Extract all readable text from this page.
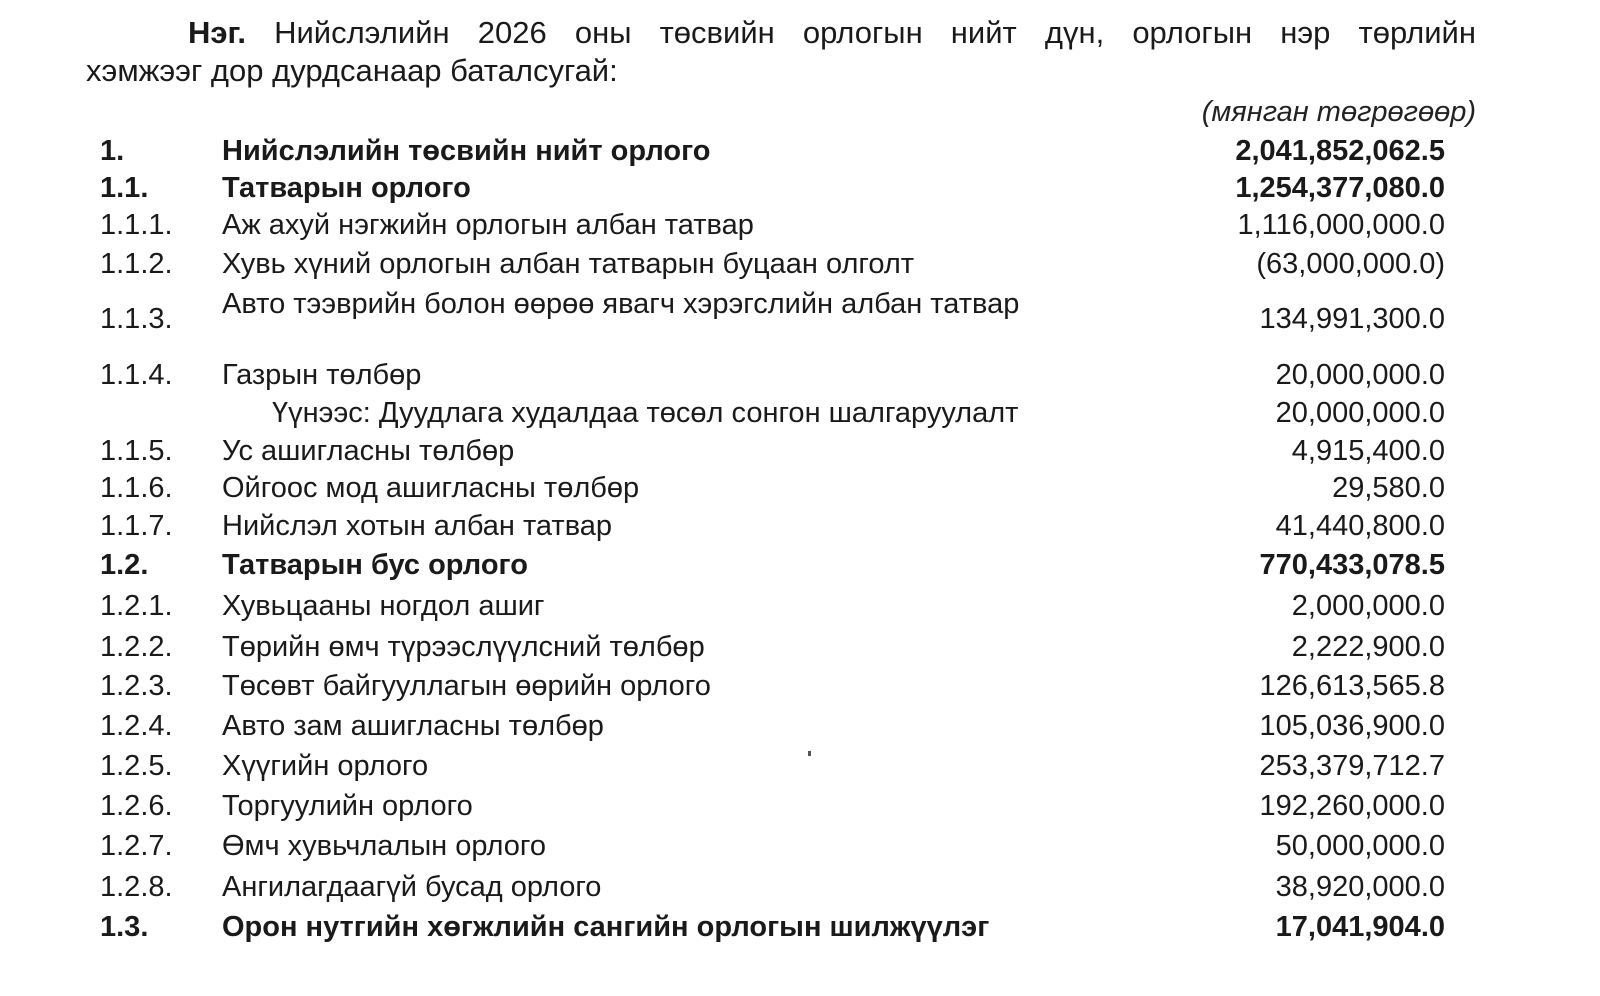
Нэг. Нийслэлийн 2026 оны төсвийн орлогын нийт дүн, орлогын нэр төрлийн
хэмжээг дор дурдсанаар баталсугай:
(мянган төгрөгөөр)
1.	Нийслэлийн төсвийн нийт орлого	2,041,852,062.5
1.1.	Татварын орлого	1,254,377,080.0
1.1.1. Аж ахуй нэгжийн орлогын албан татвар	1,116,000,000.0
1.1.2. Хувь хүний орлогын албан татварын буцаан олголт	(63,000,000.0)
1.1.3. Авто тээврийн болон өөрөө явагч хэрэгслийн албан татвар	134,991,300.0
1.1.4. Газрын төлбөр	20,000,000.0
Үүнээс: Дуудлага худалдаа төсөл сонгон шалгаруулалт	20,000,000.0
1.1.5. Ус ашигласны төлбөр	4,915,400.0
1.1.6. Ойгоос мод ашигласны төлбөр	29,580.0
1.1.7. Нийслэл хотын албан татвар	41,440,800.0
1.2.	Татварын бус орлого	770,433,078.5
1.2.1. Хувьцааны ногдол ашиг	2,000,000.0
1.2.2. Төрийн өмч түрээслүүлсний төлбөр	2,222,900.0
1.2.3. Төсөвт байгууллагын өөрийн орлого	126,613,565.8
1.2.4. Авто зам ашигласны төлбөр	105,036,900.0
1.2.5. Хүүгийн орлого	253,379,712.7
1.2.6. Торгуулийн орлого	192,260,000.0
1.2.7. Өмч хувьчлалын орлого	50,000,000.0
1.2.8. Ангилагдаагүй бусад орлого	38,920,000.0
1.3.	Орон нутгийн хөгжлийн сангийн орлогын шилжүүлэг	17,041,904.0
